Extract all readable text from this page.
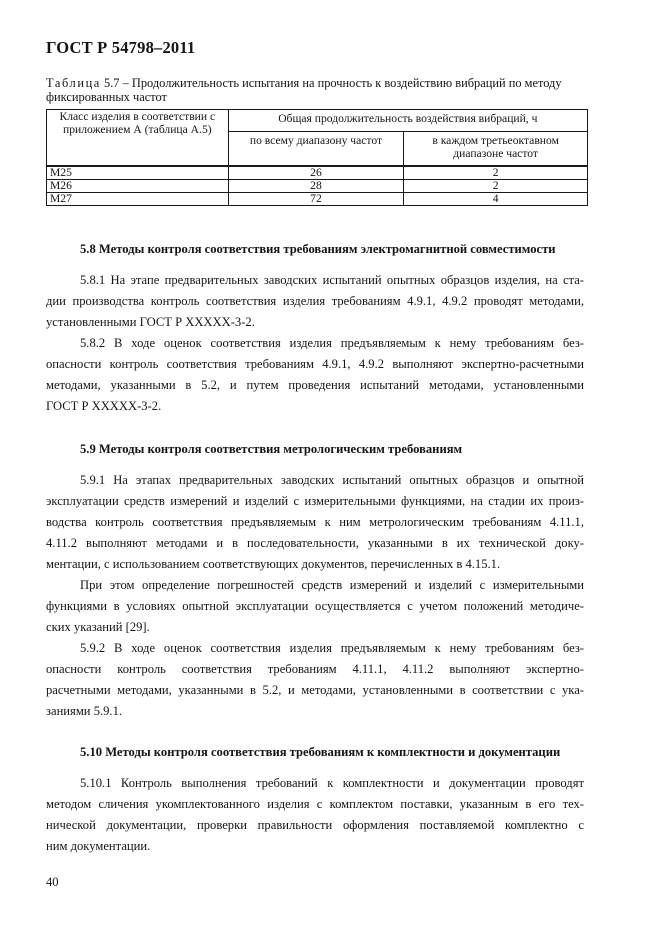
ГОСТ Р 54798–2011
Таблица 5.7 – Продолжительность испытания на прочность к воздействию вибраций по методу фиксированных частот
Класс изделия в соответствии с приложением А (таблица А.5)	Общая продолжительность воздействия вибраций, ч	
	по всему диапазону частот	в каждом третьеоктавном диапазоне частот
М25	26	2
М26	28	2
М27	72	4
5.8 Методы контроля соответствия требованиям электромагнитной совместимости
5.8.1 На этапе предварительных заводских испытаний опытных образцов изделия, на ста-
дии производства контроль соответствия изделия требованиям 4.9.1, 4.9.2 проводят методами,
установленными ГОСТ Р ХХХХХ-3-2.
5.8.2 В ходе оценок соответствия изделия предъявляемым к нему требованиям без-
опасности контроль соответствия требованиям 4.9.1, 4.9.2 выполняют экспертно-расчетными
методами, указанными в 5.2, и путем проведения испытаний методами, установленными
ГОСТ Р ХХХХХ-3-2.
5.9 Методы контроля соответствия метрологическим требованиям
5.9.1 На этапах предварительных заводских испытаний опытных образцов и опытной
эксплуатации средств измерений и изделий с измерительными функциями, на стадии их произ-
водства контроль соответствия предъявляемым к ним метрологическим требованиям 4.11.1,
4.11.2 выполняют методами и в последовательности, указанными в их технической доку-
ментации, с использованием соответствующих документов, перечисленных в 4.15.1.
При этом определение погрешностей средств измерений и изделий с измерительными
функциями в условиях опытной эксплуатации осуществляется с учетом положений методиче-
ских указаний [29].
5.9.2 В ходе оценок соответствия изделия предъявляемым к нему требованиям без-
опасности контроль соответствия требованиям 4.11.1, 4.11.2 выполняют экспертно-
расчетными методами, указанными в 5.2, и методами, установленными в соответствии с ука-
заниями 5.9.1.
5.10 Методы контроля соответствия требованиям к комплектности и документации
5.10.1 Контроль выполнения требований к комплектности и документации проводят
методом сличения укомплектованного изделия с комплектом поставки, указанным в его тех-
нической документации, проверки правильности оформления поставляемой комплектно с
ним документации.
40
